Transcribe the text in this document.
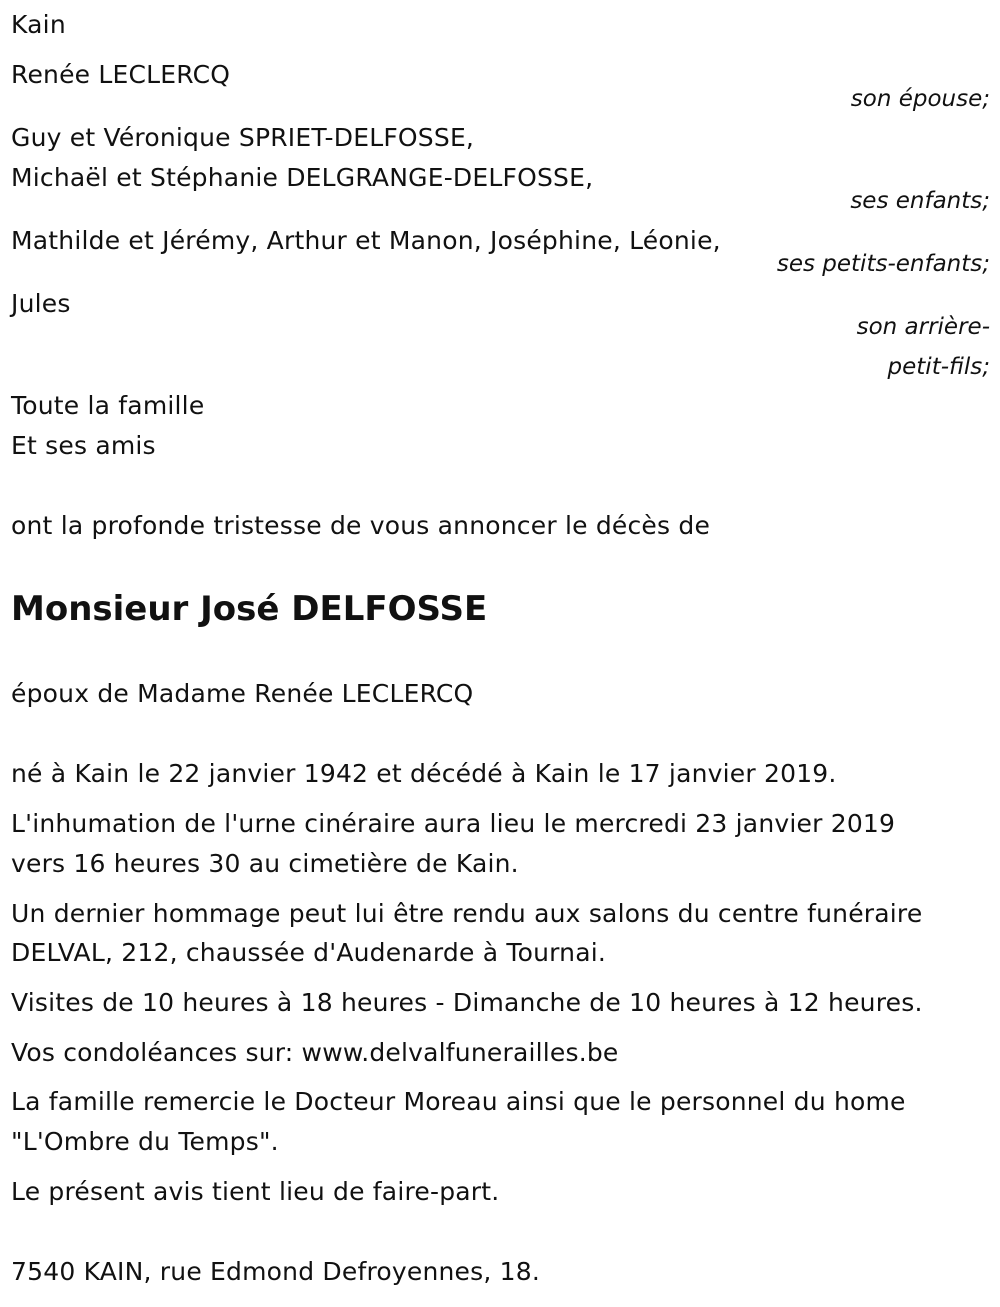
Kain
Renée LECLERCQ
son épouse;
Guy et Véronique SPRIET-DELFOSSE,
Michaël et Stéphanie DELGRANGE-DELFOSSE,
ses enfants;
Mathilde et Jérémy, Arthur et Manon, Joséphine, Léonie,
ses petits-enfants;
Jules
son arrière-
petit-fils;
Toute la famille
Et ses amis
ont la profonde tristesse de vous annoncer le décès de
Monsieur José DELFOSSE
époux de Madame Renée LECLERCQ
né à Kain le 22 janvier 1942 et décédé à Kain le 17 janvier 2019.
L'inhumation de l'urne cinéraire aura lieu le mercredi 23 janvier 2019
vers 16 heures 30 au cimetière de Kain.
Un dernier hommage peut lui être rendu aux salons du centre funéraire
DELVAL, 212, chaussée d'Audenarde à Tournai.
Visites de 10 heures à 18 heures - Dimanche de 10 heures à 12 heures.
Vos condoléances sur: www.delvalfunerailles.be
La famille remercie le Docteur Moreau ainsi que le personnel du home
"L'Ombre du Temps".
Le présent avis tient lieu de faire-part.
7540 KAIN, rue Edmond Defroyennes, 18.
